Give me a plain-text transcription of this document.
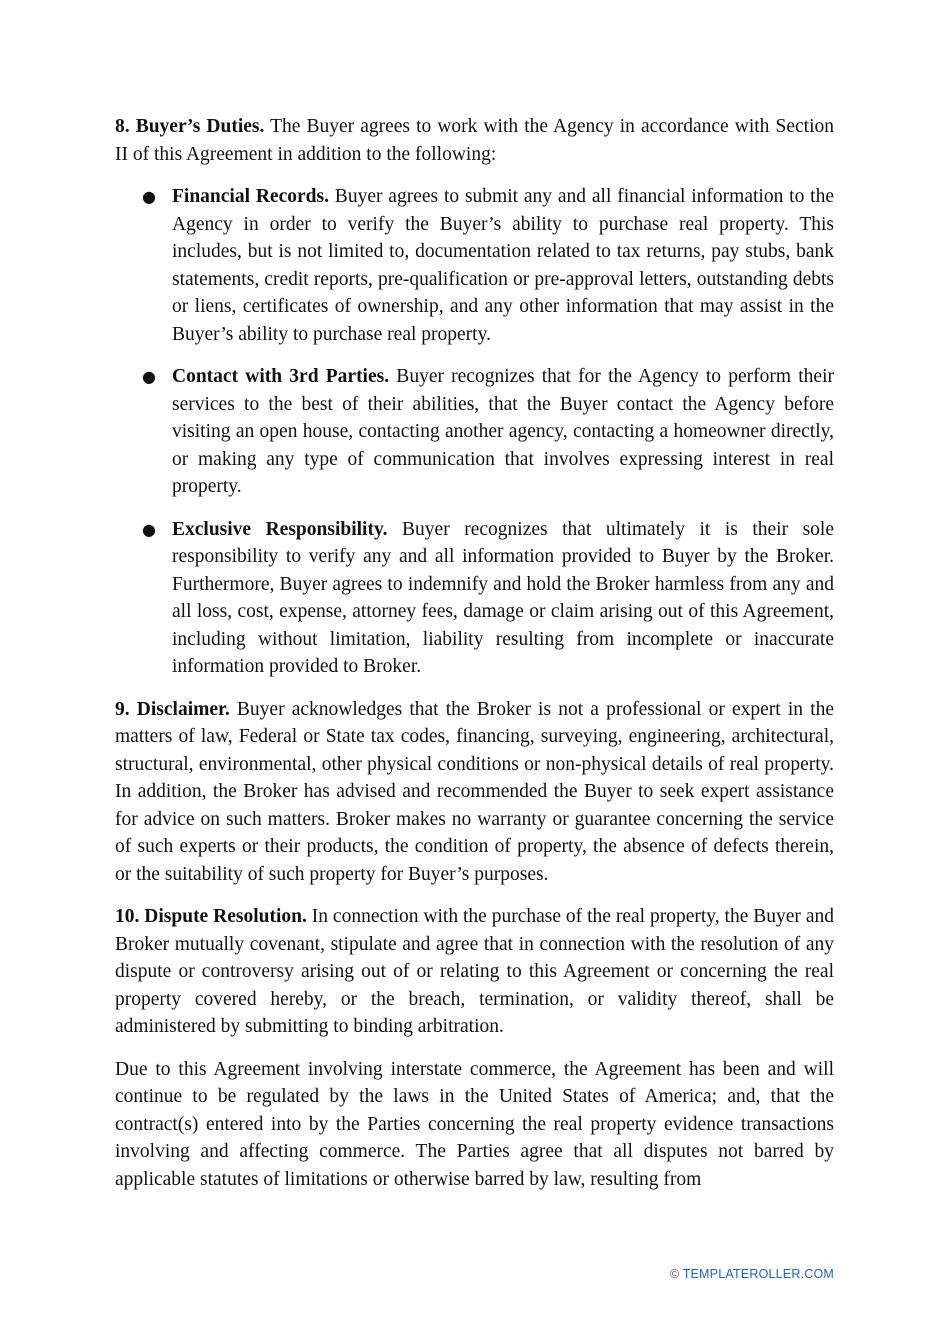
8. Buyer’s Duties. The Buyer agrees to work with the Agency in accordance with Section II of this Agreement in addition to the following:

● Financial Records. Buyer agrees to submit any and all financial information to the Agency in order to verify the Buyer’s ability to purchase real property. This includes, but is not limited to, documentation related to tax returns, pay stubs, bank statements, credit reports, pre-qualification or pre-approval letters, outstanding debts or liens, certificates of ownership, and any other information that may assist in the Buyer’s ability to purchase real property.
● Contact with 3rd Parties. Buyer recognizes that for the Agency to perform their services to the best of their abilities, that the Buyer contact the Agency before visiting an open house, contacting another agency, contacting a homeowner directly, or making any type of communication that involves expressing interest in real property.
● Exclusive Responsibility. Buyer recognizes that ultimately it is their sole responsibility to verify any and all information provided to Buyer by the Broker. Furthermore, Buyer agrees to indemnify and hold the Broker harmless from any and all loss, cost, expense, attorney fees, damage or claim arising out of this Agreement, including without limitation, liability resulting from incomplete or inaccurate information provided to Broker.

9. Disclaimer. Buyer acknowledges that the Broker is not a professional or expert in the matters of law, Federal or State tax codes, financing, surveying, engineering, architectural, structural, environmental, other physical conditions or non-physical details of real property. In addition, the Broker has advised and recommended the Buyer to seek expert assistance for advice on such matters. Broker makes no warranty or guarantee concerning the service of such experts or their products, the condition of property, the absence of defects therein, or the suitability of such property for Buyer’s purposes.

10. Dispute Resolution. In connection with the purchase of the real property, the Buyer and Broker mutually covenant, stipulate and agree that in connection with the resolution of any dispute or controversy arising out of or relating to this Agreement or concerning the real property covered hereby, or the breach, termination, or validity thereof, shall be administered by submitting to binding arbitration.

Due to this Agreement involving interstate commerce, the Agreement has been and will continue to be regulated by the laws in the United States of America; and, that the contract(s) entered into by the Parties concerning the real property evidence transactions involving and affecting commerce. The Parties agree that all disputes not barred by applicable statutes of limitations or otherwise barred by law, resulting from

© TEMPLATEROLLER.COM
